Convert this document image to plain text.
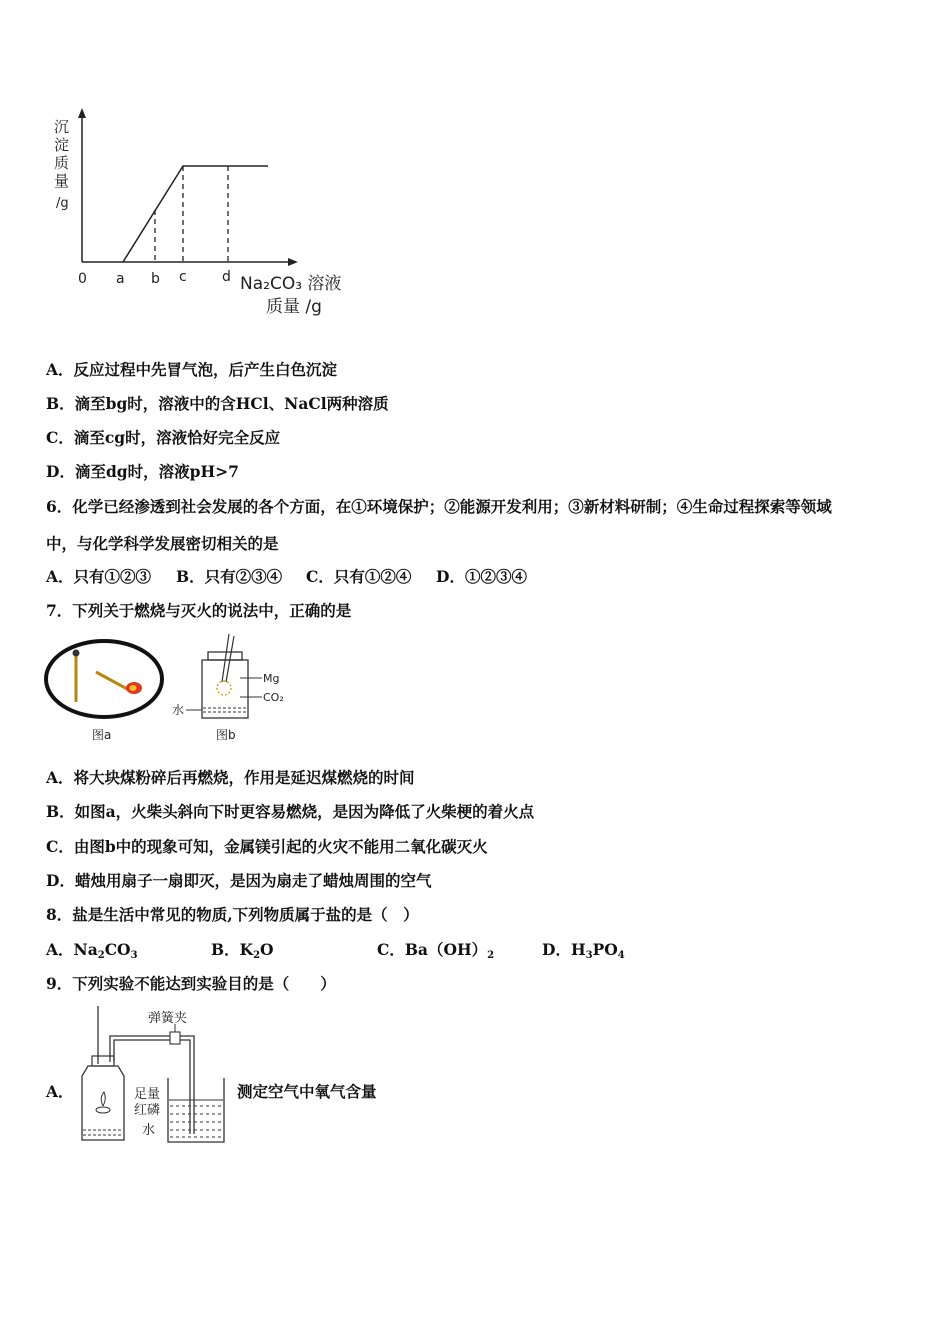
沉
淀
质
量
/g
0 a b c	d Na₂CO₃ 溶液
质量 /g
A．反应过程中先冒气泡，后产生白色沉淀
B．滴至bg时，溶液中的含HCl、NaCl两种溶质
C．滴至cg时，溶液恰好完全反应
D．滴至dg时，溶液pH>7
6．化学已经渗透到社会发展的各个方面，在①环境保护；②能源开发利用；③新材料研制；④生命过程探索等领域
中，与化学科学发展密切相关的是
A．只有①②③ B．只有②③④ C．只有①②④ D．①②③④
7．下列关于燃烧与灭火的说法中，正确的是
图a
Mg
CO₂
水
图b
A．将大块煤粉碎后再燃烧，作用是延迟煤燃烧的时间
B．如图a，火柴头斜向下时更容易燃烧，是因为降低了火柴梗的着火点
C．由图b中的现象可知，金属镁引起的火灾不能用二氧化碳灭火
D．蜡烛用扇子一扇即灭，是因为扇走了蜡烛周围的空气
8．盐是生活中常见的物质,下列物质属于盐的是（　）
A．$Na_2CO_3$	B．$K_2O$	C．$Ba(OH)_2$	D．$H_3PO_4$
9．下列实验不能达到实验目的是（　　）
A．
弹簧夹
足量
红磷
水
测定空气中氧气含量
